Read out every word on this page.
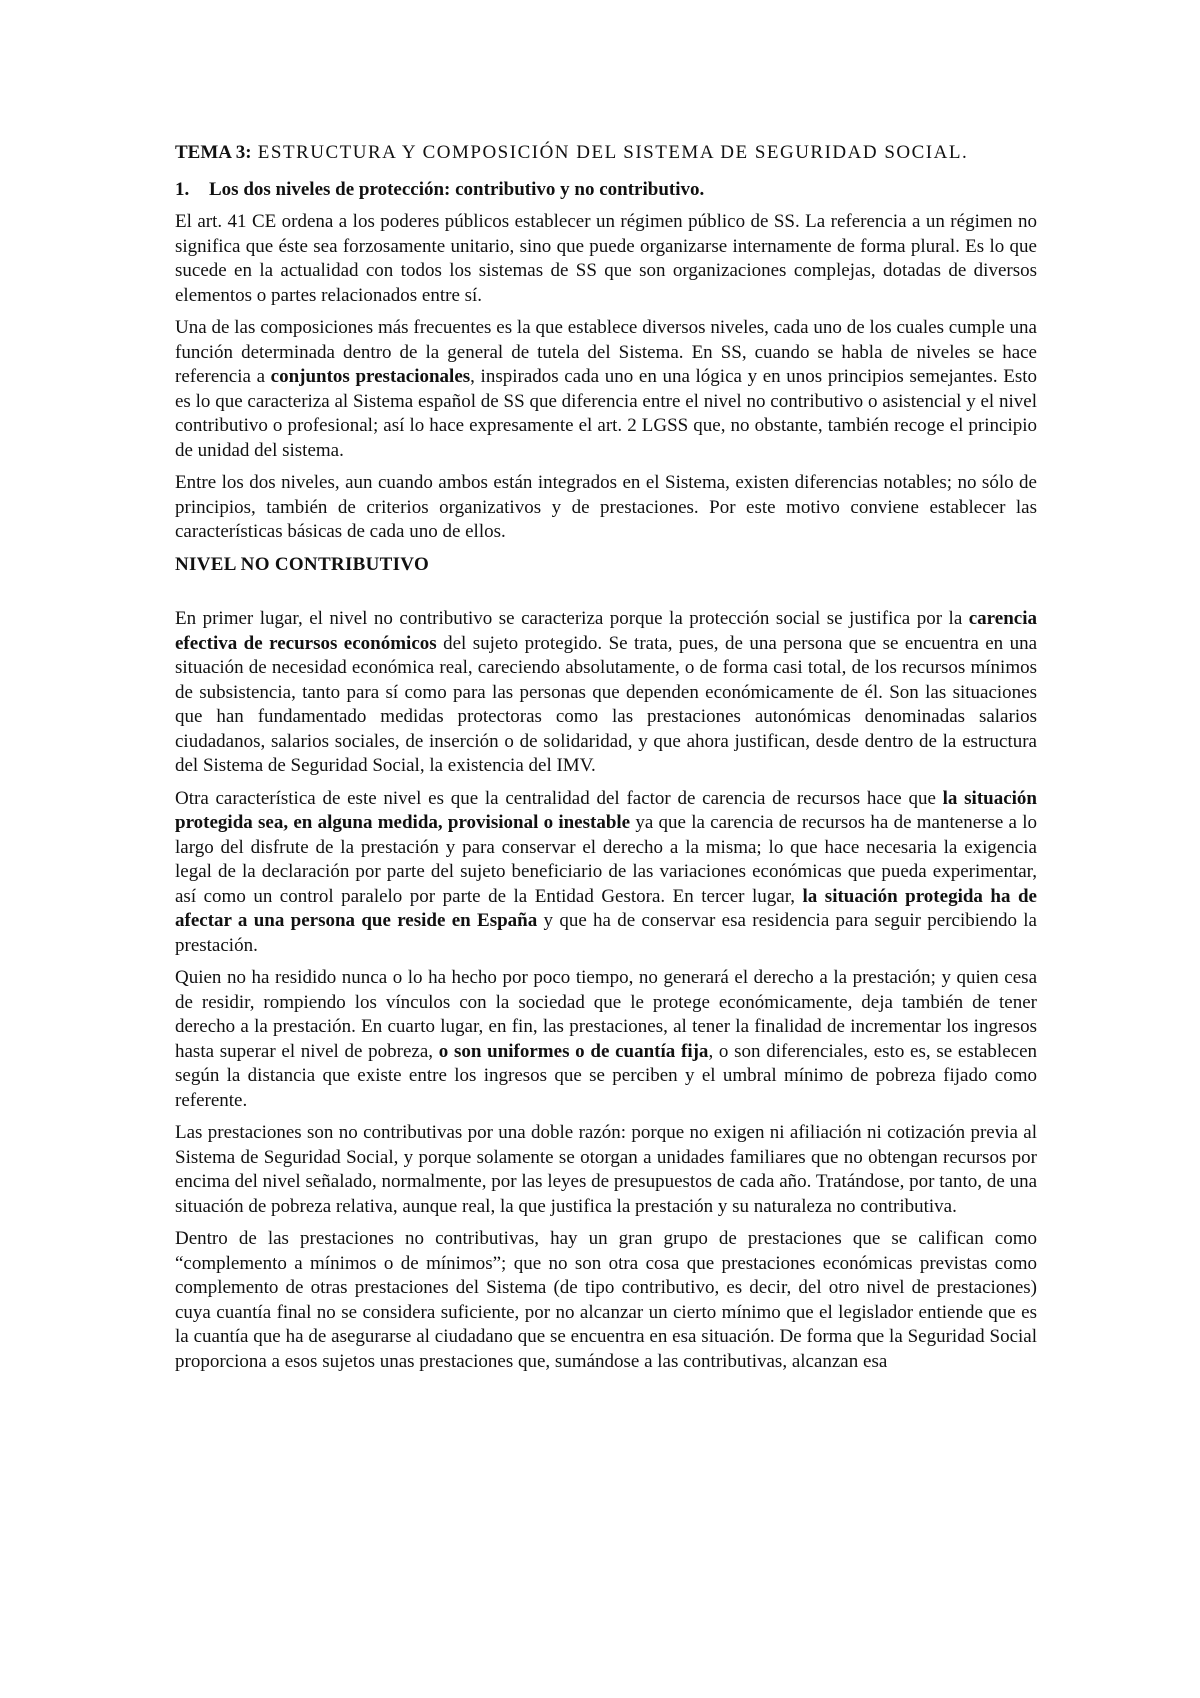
TEMA 3: ESTRUCTURA Y COMPOSICIÓN DEL SISTEMA DE SEGURIDAD SOCIAL.
1. Los dos niveles de protección: contributivo y no contributivo.

El art. 41 CE ordena a los poderes públicos establecer un régimen público de SS. La referencia a un régimen no significa que éste sea forzosamente unitario, sino que puede organizarse internamente de forma plural. Es lo que sucede en la actualidad con todos los sistemas de SS que son organizaciones complejas, dotadas de diversos elementos o partes relacionados entre sí.

Una de las composiciones más frecuentes es la que establece diversos niveles, cada uno de los cuales cumple una función determinada dentro de la general de tutela del Sistema. En SS, cuando se habla de niveles se hace referencia a conjuntos prestacionales, inspirados cada uno en una lógica y en unos principios semejantes. Esto es lo que caracteriza al Sistema español de SS que diferencia entre el nivel no contributivo o asistencial y el nivel contributivo o profesional; así lo hace expresamente el art. 2 LGSS que, no obstante, también recoge el principio de unidad del sistema.

Entre los dos niveles, aun cuando ambos están integrados en el Sistema, existen diferencias notables; no sólo de principios, también de criterios organizativos y de prestaciones. Por este motivo conviene establecer las características básicas de cada uno de ellos.

NIVEL NO CONTRIBUTIVO

En primer lugar, el nivel no contributivo se caracteriza porque la protección social se justifica por la carencia efectiva de recursos económicos del sujeto protegido. Se trata, pues, de una persona que se encuentra en una situación de necesidad económica real, careciendo absolutamente, o de forma casi total, de los recursos mínimos de subsistencia, tanto para sí como para las personas que dependen económicamente de él. Son las situaciones que han fundamentado medidas protectoras como las prestaciones autonómicas denominadas salarios ciudadanos, salarios sociales, de inserción o de solidaridad, y que ahora justifican, desde dentro de la estructura del Sistema de Seguridad Social, la existencia del IMV.

Otra característica de este nivel es que la centralidad del factor de carencia de recursos hace que la situación protegida sea, en alguna medida, provisional o inestable ya que la carencia de recursos ha de mantenerse a lo largo del disfrute de la prestación y para conservar el derecho a la misma; lo que hace necesaria la exigencia legal de la declaración por parte del sujeto beneficiario de las variaciones económicas que pueda experimentar, así como un control paralelo por parte de la Entidad Gestora. En tercer lugar, la situación protegida ha de afectar a una persona que reside en España y que ha de conservar esa residencia para seguir percibiendo la prestación.

Quien no ha residido nunca o lo ha hecho por poco tiempo, no generará el derecho a la prestación; y quien cesa de residir, rompiendo los vínculos con la sociedad que le protege económicamente, deja también de tener derecho a la prestación. En cuarto lugar, en fin, las prestaciones, al tener la finalidad de incrementar los ingresos hasta superar el nivel de pobreza, o son uniformes o de cuantía fija, o son diferenciales, esto es, se establecen según la distancia que existe entre los ingresos que se perciben y el umbral mínimo de pobreza fijado como referente.

Las prestaciones son no contributivas por una doble razón: porque no exigen ni afiliación ni cotización previa al Sistema de Seguridad Social, y porque solamente se otorgan a unidades familiares que no obtengan recursos por encima del nivel señalado, normalmente, por las leyes de presupuestos de cada año. Tratándose, por tanto, de una situación de pobreza relativa, aunque real, la que justifica la prestación y su naturaleza no contributiva.

Dentro de las prestaciones no contributivas, hay un gran grupo de prestaciones que se califican como “complemento a mínimos o de mínimos”; que no son otra cosa que prestaciones económicas previstas como complemento de otras prestaciones del Sistema (de tipo contributivo, es decir, del otro nivel de prestaciones) cuya cuantía final no se considera suficiente, por no alcanzar un cierto mínimo que el legislador entiende que es la cuantía que ha de asegurarse al ciudadano que se encuentra en esa situación. De forma que la Seguridad Social proporciona a esos sujetos unas prestaciones que, sumándose a las contributivas, alcanzan esa
